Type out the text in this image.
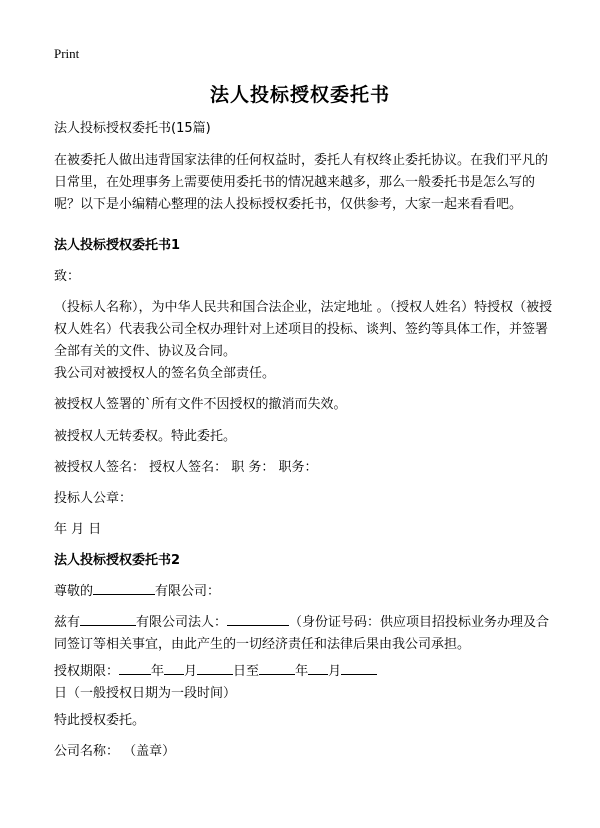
Print
法人投标授权委托书

法人投标授权委托书(15篇)

在被委托人做出违背国家法律的任何权益时，委托人有权终止委托协议。在我们平凡的日常里，在处理事务上需要使用委托书的情况越来越多，那么一般委托书是怎么写的呢？以下是小编精心整理的法人投标授权委托书，仅供参考，大家一起来看看吧。

法人投标授权委托书1

致：

（投标人名称），为中华人民共和国合法企业，法定地址 。（授权人姓名）特授权（被授权人姓名）代表我公司全权办理针对上述项目的投标、谈判、签约等具体工作，并签署全部有关的文件、协议及合同。

我公司对被授权人的签名负全部责任。

被授权人签署的`所有文件不因授权的撤消而失效。

被授权人无转委权。特此委托。

被授权人签名： 授权人签名： 职 务： 职务：

投标人公章：

年 月 日

法人投标授权委托书2

尊敬的	有限公司：

兹有	有限公司法人：	（身份证号码：供应项目招投标业务办理及合同签订等相关事宜，由此产生的一切经济责任和法律后果由我公司承担。

授权期限： 年 月	日至	年 月日（一般授权日期为一段时间）

特此授权委托。

公司名称： （盖章）
